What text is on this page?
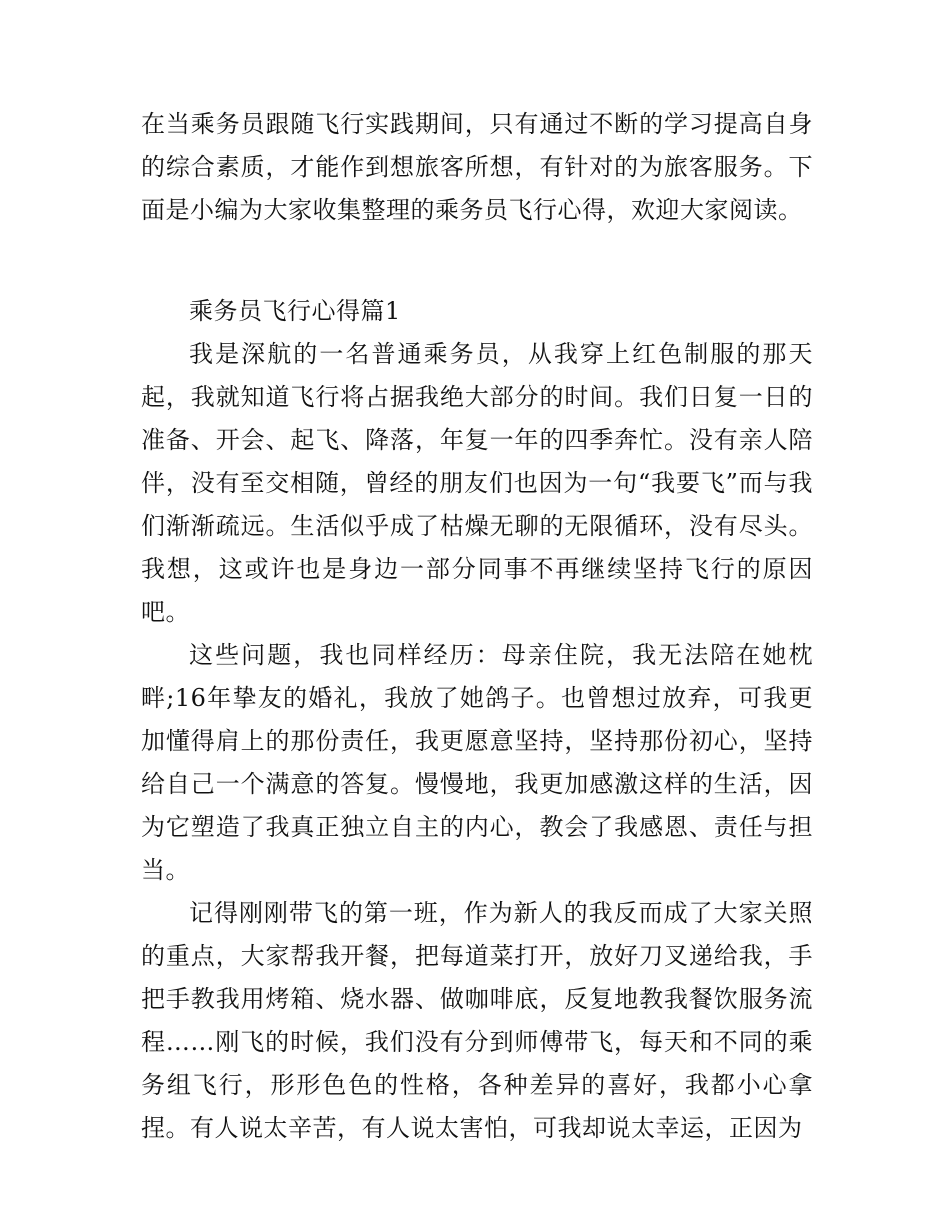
在当乘务员跟随飞行实践期间，只有通过不断的学习提高自身的综合素质，才能作到想旅客所想，有针对的为旅客服务。下面是小编为大家收集整理的乘务员飞行心得，欢迎大家阅读。

乘务员飞行心得篇1

我是深航的一名普通乘务员，从我穿上红色制服的那天起，我就知道飞行将占据我绝大部分的时间。我们日复一日的准备、开会、起飞、降落，年复一年的四季奔忙。没有亲人陪伴，没有至交相随，曾经的朋友们也因为一句“我要飞”而与我们渐渐疏远。生活似乎成了枯燥无聊的无限循环，没有尽头。我想，这或许也是身边一部分同事不再继续坚持飞行的原因吧。

这些问题，我也同样经历：母亲住院，我无法陪在她枕畔;16年挚友的婚礼，我放了她鸽子。也曾想过放弃，可我更加懂得肩上的那份责任，我更愿意坚持，坚持那份初心，坚持给自己一个满意的答复。慢慢地，我更加感激这样的生活，因为它塑造了我真正独立自主的内心，教会了我感恩、责任与担当。

记得刚刚带飞的第一班，作为新人的我反而成了大家关照的重点，大家帮我开餐，把每道菜打开，放好刀叉递给我，手把手教我用烤箱、烧水器、做咖啡底，反复地教我餐饮服务流程……刚飞的时候，我们没有分到师傅带飞，每天和不同的乘务组飞行，形形色色的性格，各种差异的喜好，我都小心拿捏。有人说太辛苦，有人说太害怕，可我却说太幸运，正因为
